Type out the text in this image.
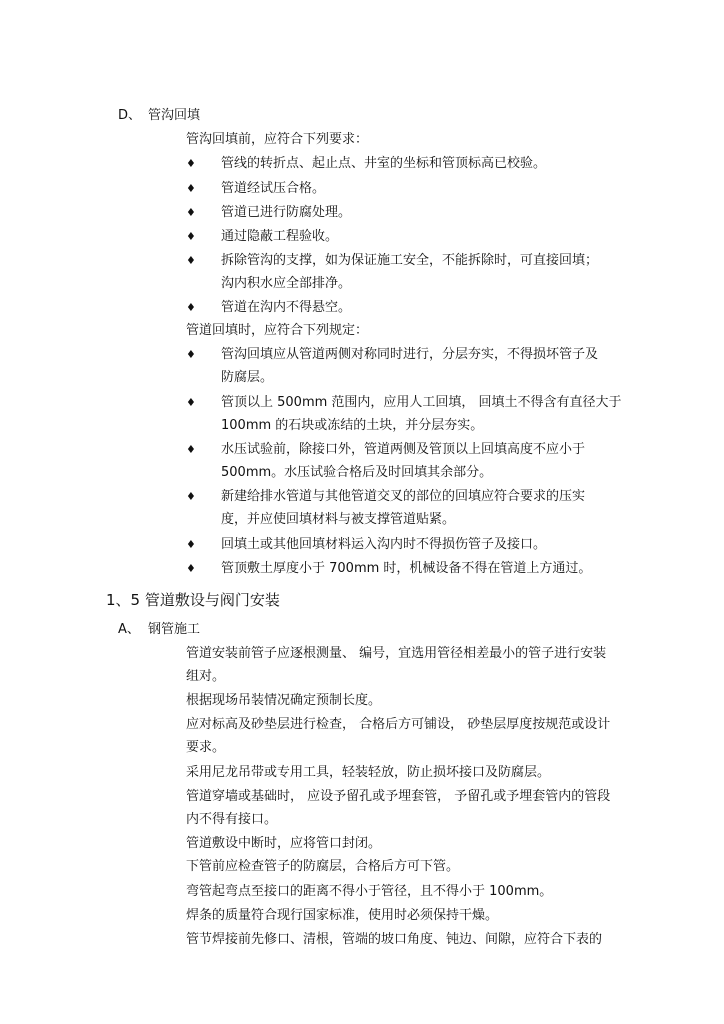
D、 管沟回填
管沟回填前，应符合下列要求：
♦ 管线的转折点、起止点、井室的坐标和管顶标高已校验。
♦ 管道经试压合格。
♦ 管道已进行防腐处理。
♦ 通过隐蔽工程验收。
♦ 拆除管沟的支撑，如为保证施工安全，不能拆除时，可直接回填；
沟内积水应全部排净。
♦ 管道在沟内不得悬空。
管道回填时，应符合下列规定：
♦ 管沟回填应从管道两侧对称同时进行，分层夯实，不得损坏管子及
防腐层。
♦ 管顶以上 500mm 范围内，应用人工回填， 回填土不得含有直径大于
100mm 的石块或冻结的土块，并分层夯实。
♦ 水压试验前，除接口外，管道两侧及管顶以上回填高度不应小于
500mm。水压试验合格后及时回填其余部分。
♦ 新建给排水管道与其他管道交叉的部位的回填应符合要求的压实
度，并应使回填材料与被支撑管道贴紧。
♦ 回填土或其他回填材料运入沟内时不得损伤管子及接口。
♦ 管顶敷土厚度小于 700mm 时，机械设备不得在管道上方通过。
1、5 管道敷设与阀门安装
A、 钢管施工
管道安装前管子应逐根测量、 编号，宜选用管径相差最小的管子进行安装
组对。
根据现场吊装情况确定预制长度。
应对标高及砂垫层进行检查， 合格后方可铺设， 砂垫层厚度按规范或设计
要求。
采用尼龙吊带或专用工具，轻装轻放，防止损坏接口及防腐层。
管道穿墙或基础时， 应设予留孔或予埋套管， 予留孔或予埋套管内的管段
内不得有接口。
管道敷设中断时，应将管口封闭。
下管前应检查管子的防腐层，合格后方可下管。
弯管起弯点至接口的距离不得小于管径，且不得小于 100mm。
焊条的质量符合现行国家标准，使用时必须保持干燥。
管节焊接前先修口、清根，管端的坡口角度、钝边、间隙，应符合下表的
